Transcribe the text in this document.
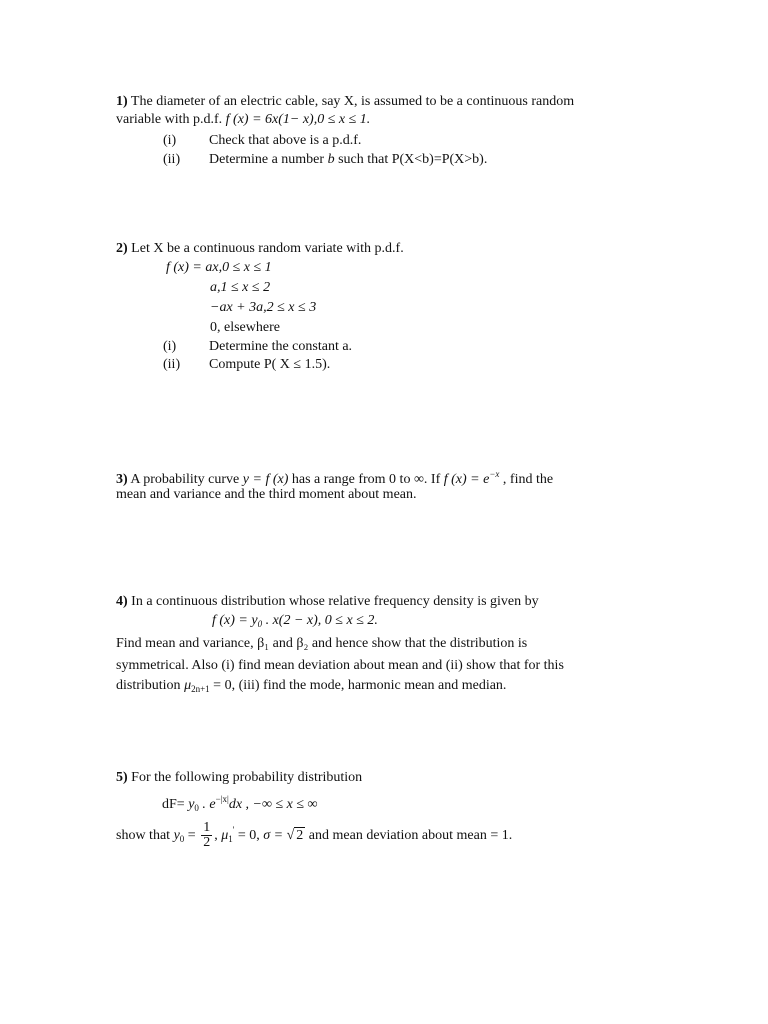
1) The diameter of an electric cable, say X, is assumed to be a continuous random
variable with p.d.f. f (x) = 6x(1− x),0 ≤ x ≤ 1.
(i) Check that above is a p.d.f.
(ii) Determine a number b such that P(X<b)=P(X>b).
2) Let X be a continuous random variate with p.d.f.
f (x) = ax,0 ≤ x ≤ 1
a,1 ≤ x ≤ 2
−ax + 3a,2 ≤ x ≤ 3
0, elsewhere
(i) Determine the constant a.
(ii) Compute P( X ≤ 1.5).
3) A probability curve y = f (x) has a range from 0 to ∞. If f $(x) = e^{-x}$ , find the
mean and variance and the third moment about mean.
4) In a continuous distribution whose relative frequency density is given by
f $(x) = y_0$ . x(2 − x), 0 ≤ x ≤ 2.
Find mean and variance, β₁ and β₂ and hence show that the distribution is
symmetrical. Also (i) find mean deviation about mean and (ii) show that for this
distribution $\mu_{2n+1} = 0$, (iii) find the mode, harmonic mean and median.
5) For the following probability distribution
$dF= y_0$ . $e^{-|x|}dx$ , −∞ ≤ x ≤ ∞
show that $y_0 = \frac{1}{2}$ , $\mu_1' = 0$, σ = √ 2 and mean deviation about mean = 1.
